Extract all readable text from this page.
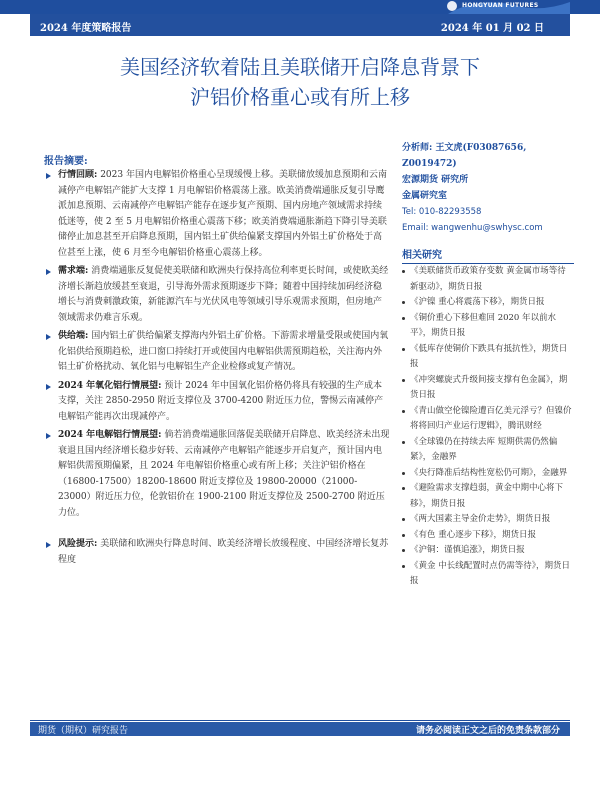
HONGYUAN FUTURES
2024 年度策略报告	2024 年 01 月 02 日
美国经济软着陆且美联储开启降息背景下
沪铝价格重心或有所上移
报告摘要:
行情回顾: 2023 年国内电解铝价格重心呈现缓慢上移。美联储放缓加息预期和云南减停产电解铝产能扩大支撑 1 月电解铝价格震荡上涨。欧美消费端通胀反复引导鹰派加息预期、云南减停产电解铝产能存在逐步复产预期、国内房地产领域需求持续低迷等，使 2 至 5 月电解铝价格重心震荡下移；欧美消费端通胀渐趋下降引导美联储停止加息甚至开启降息预期，国内铝土矿供给偏紧支撑国内外铝土矿价格处于高位甚至上涨，使 6 月至今电解铝价格重心震荡上移。
需求端: 消费端通胀反复促使美联储和欧洲央行保持高位利率更长时间，或使欧美经济增长渐趋放缓甚至衰退，引导海外需求预期逐步下降；随着中国持续加码经济稳增长与消费刺激政策，新能源汽车与光伏风电等领域引导乐观需求预期，但房地产领域需求仍难言乐观。
供给端: 国内铝土矿供给偏紧支撑海内外铝土矿价格。下游需求增量受限或使国内氧化铝供给预期趋松，进口窗口持续打开或使国内电解铝供需预期趋松，关注海内外铝土矿价格扰动、氧化铝与电解铝生产企业检修或复产情况。
2024 年氧化铝行情展望: 预计 2024 年中国氧化铝价格仍将具有较强的生产成本支撑，关注 2850-2950 附近支撑位及 3700-4200 附近压力位，警惕云南减停产电解铝产能再次出现减停产。
2024 年电解铝行情展望: 倘若消费端通胀回落促美联储开启降息、欧美经济未出现衰退且国内经济增长稳步好转、云南减停产电解铝产能逐步开启复产，预计国内电解铝供需预期偏紧，且 2024 年电解铝价格重心或有所上移；关注沪铝价格在（16800-17500）18200-18600 附近支撑位及 19800-20000（21000-23000）附近压力位，伦敦铝价在 1900-2100 附近支撑位及 2500-2700 附近压力位。
风险提示: 美联储和欧洲央行降息时间、欧美经济增长放缓程度、中国经济增长复苏程度
分析师: 王文虎(F03087656, Z0019472)
宏源期货 研究所
金属研究室
Tel: 010-82293558
Email: wangwenhu@swhysc.com
相关研究
《美联储货币政策存变数 黄金属市场等待新驱动》，期货日报
《沪镍 重心将震荡下移》，期货日报
《铜价重心下移但难回 2020 年以前水平》，期货日报
《低库存使铜价下跌具有抵抗性》，期货日报
《冲突螺旋式升级间接支撑有色金属》，期货日报
《青山做空伦镍险遭百亿美元浮亏？但镍价将将回归产业运行逻辑》，腾讯财经
《全球镍仍在持续去库 短期供需仍然偏紧》，金融界
《央行降准后结构性宽松仍可期》，金融界
《避险需求支撑趋弱，黄金中期中心将下移》，期货日报
《两大国素主导金价走势》，期货日报
《有色 重心逐步下移》，期货日报
《沪铜：谨慎追涨》，期货日报
《黄金 中长线配置时点仍需等待》，期货日报
期货（期权）研究报告	请务必阅读正文之后的免责条款部分
